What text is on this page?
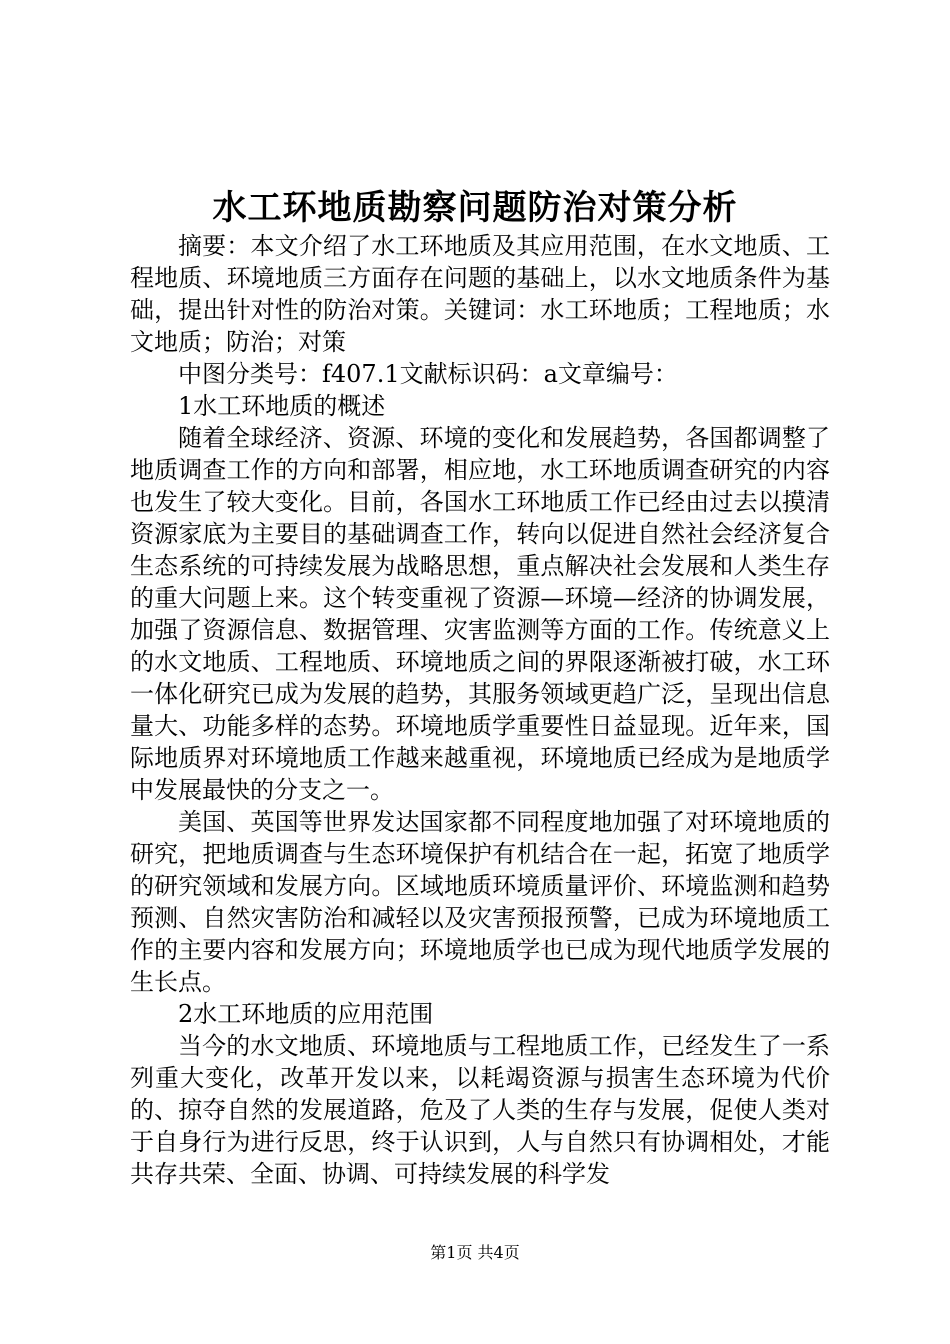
水工环地质勘察问题防治对策分析

摘要：本文介绍了水工环地质及其应用范围，在水文地质、工程地质、环境地质三方面存在问题的基础上，以水文地质条件为基础，提出针对性的防治对策。关键词：水工环地质；工程地质；水文地质；防治；对策

中图分类号：f407.1文献标识码：a文章编号：

1水工环地质的概述

随着全球经济、资源、环境的变化和发展趋势，各国都调整了地质调查工作的方向和部署，相应地，水工环地质调查研究的内容也发生了较大变化。目前，各国水工环地质工作已经由过去以摸清资源家底为主要目的基础调查工作，转向以促进自然社会经济复合生态系统的可持续发展为战略思想，重点解决社会发展和人类生存的重大问题上来。这个转变重视了资源—环境—经济的协调发展，加强了资源信息、数据管理、灾害监测等方面的工作。传统意义上的水文地质、工程地质、环境地质之间的界限逐渐被打破，水工环一体化研究已成为发展的趋势，其服务领域更趋广泛，呈现出信息量大、功能多样的态势。环境地质学重要性日益显现。近年来，国际地质界对环境地质工作越来越重视，环境地质已经成为是地质学中发展最快的分支之一。

美国、英国等世界发达国家都不同程度地加强了对环境地质的研究，把地质调查与生态环境保护有机结合在一起，拓宽了地质学的研究领域和发展方向。区域地质环境质量评价、环境监测和趋势预测、自然灾害防治和减轻以及灾害预报预警，已成为环境地质工作的主要内容和发展方向；环境地质学也已成为现代地质学发展的生长点。

2水工环地质的应用范围

当今的水文地质、环境地质与工程地质工作，已经发生了一系列重大变化，改革开发以来，以耗竭资源与损害生态环境为代价的、掠夺自然的发展道路，危及了人类的生存与发展，促使人类对于自身行为进行反思，终于认识到，人与自然只有协调相处，才能共存共荣、全面、协调、可持续发展的科学发

第1页 共4页
